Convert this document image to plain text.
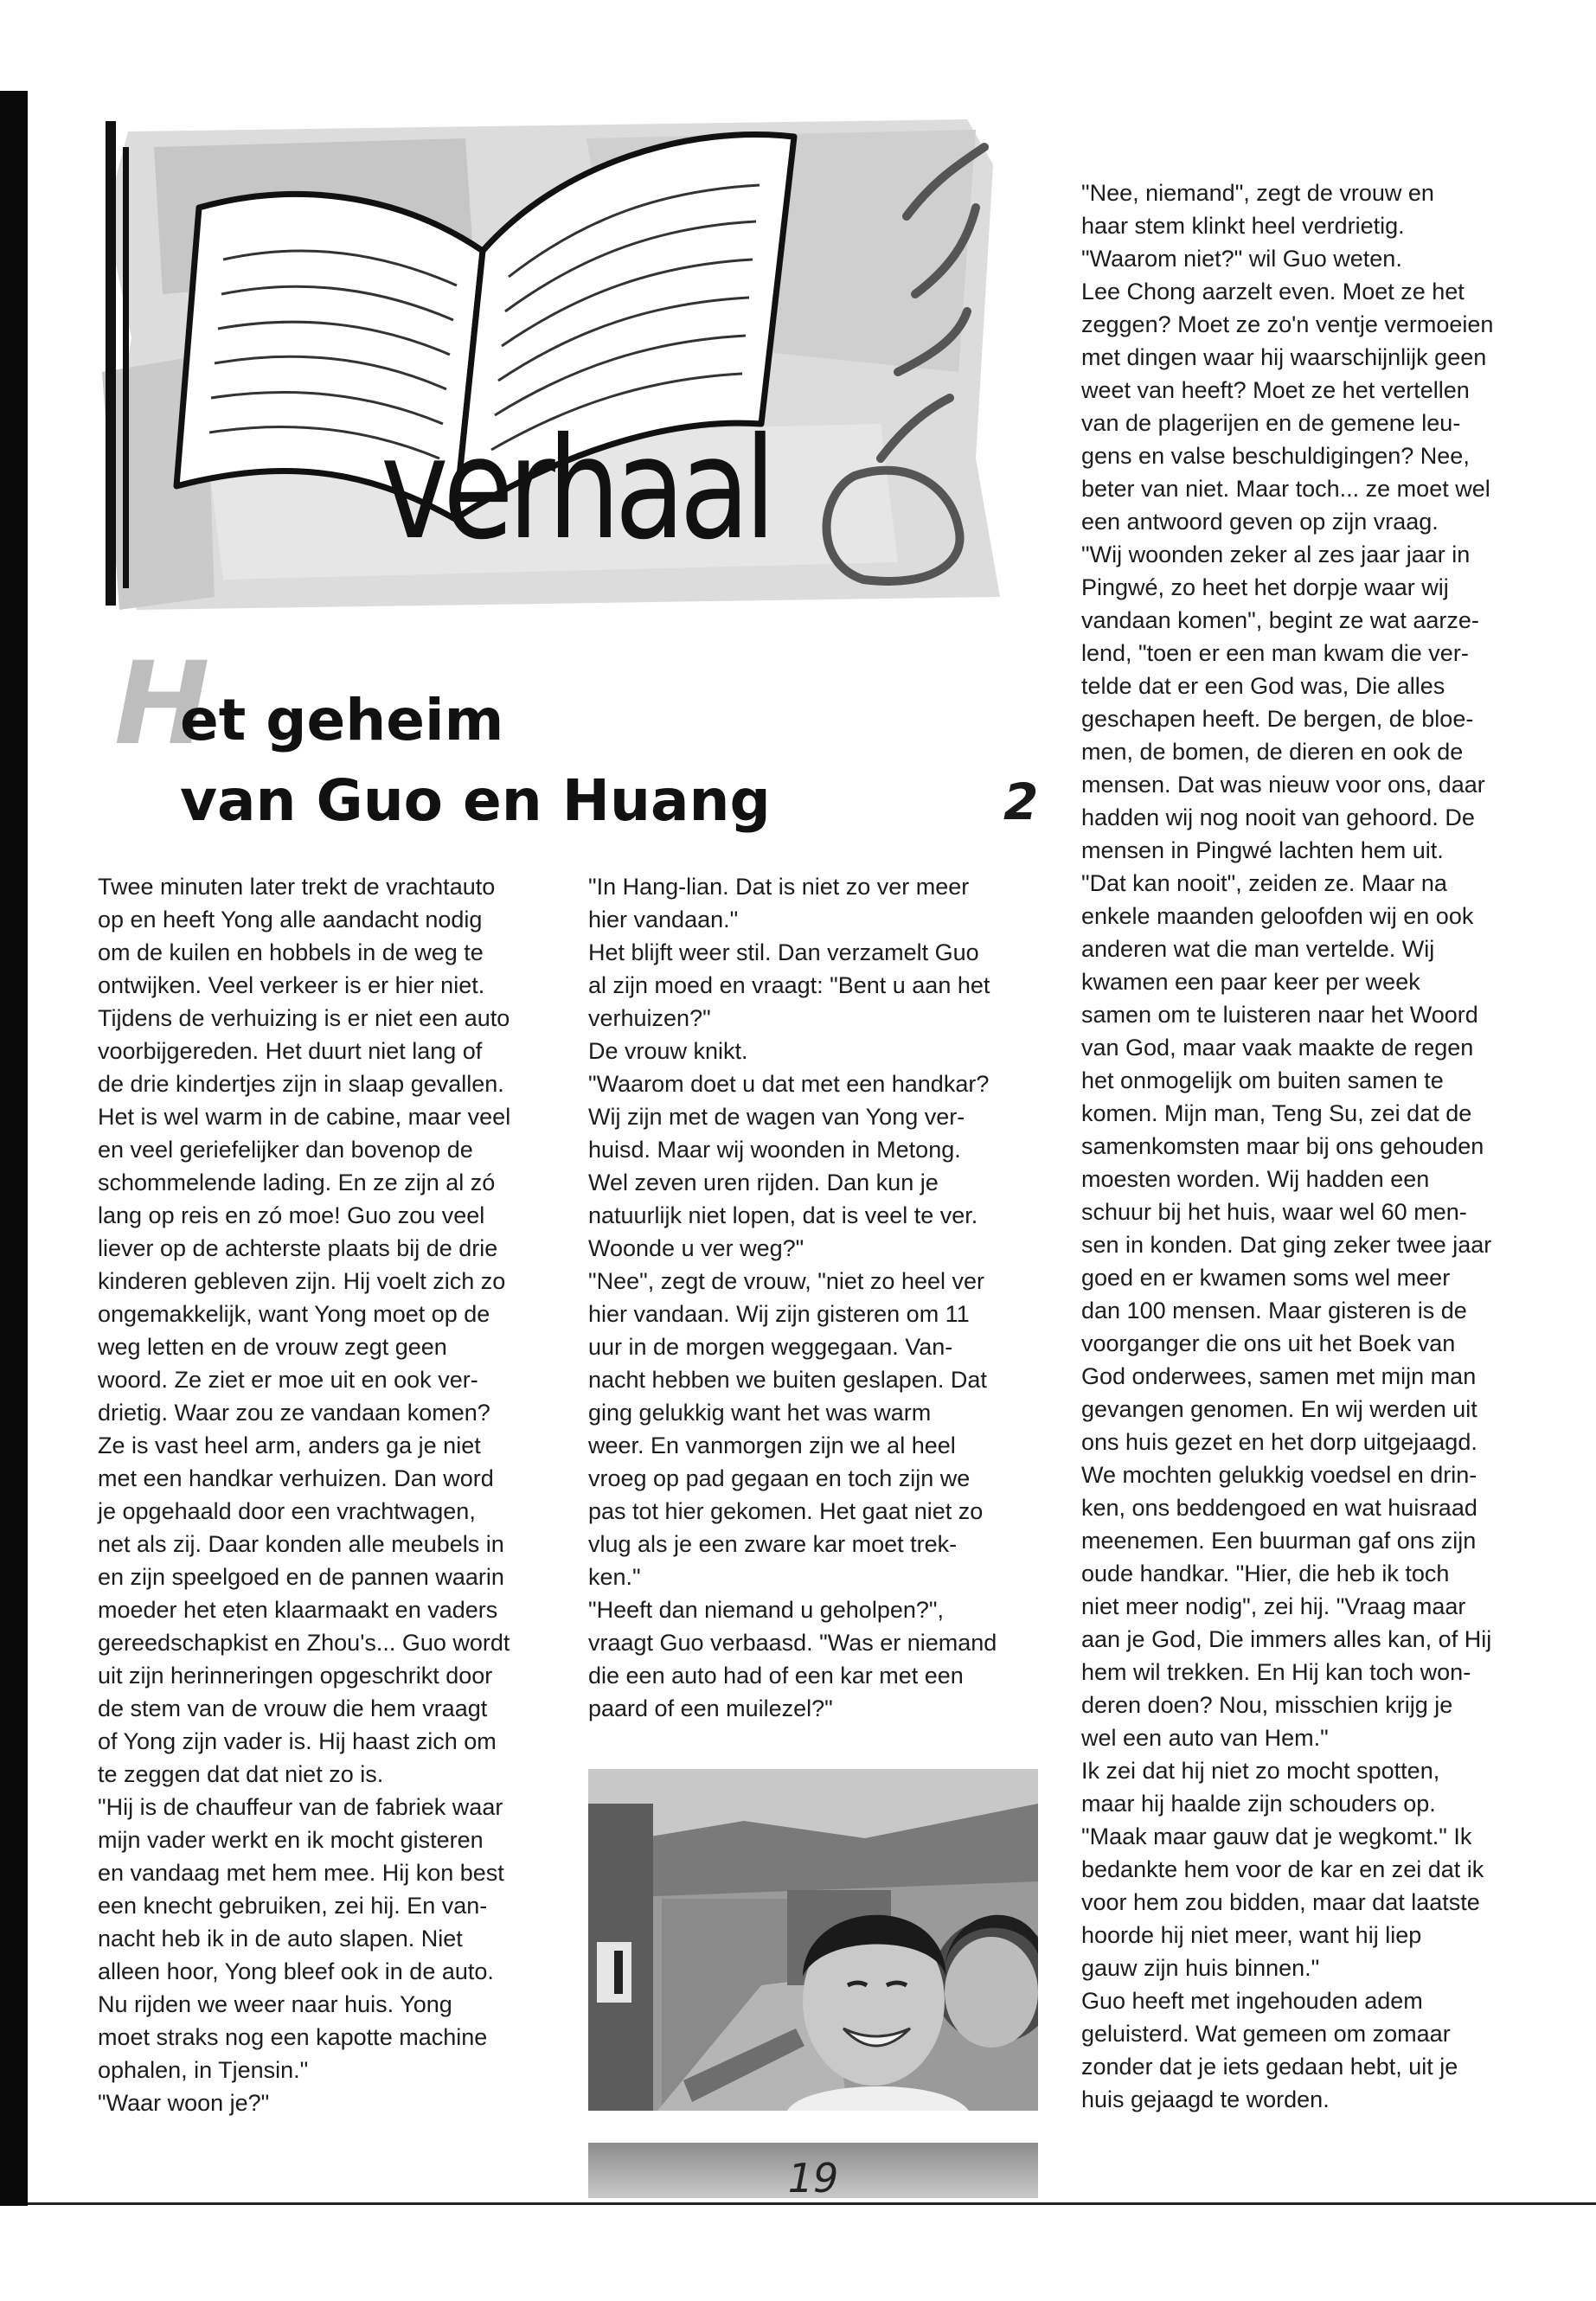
verhaal
H
et geheim
van Guo en Huang	2

Twee minuten later trekt de vrachtauto

op en heeft Yong alle aandacht nodig

om de kuilen en hobbels in de weg te

ontwijken. Veel verkeer is er hier niet.

Tijdens de verhuizing is er niet een auto

voorbijgereden. Het duurt niet lang of

de drie kindertjes zijn in slaap gevallen.

Het is wel warm in de cabine, maar veel

en veel geriefelijker dan bovenop de

schommelende lading. En ze zijn al zó

lang op reis en zó moe! Guo zou veel

liever op de achterste plaats bij de drie

kinderen gebleven zijn. Hij voelt zich zo

ongemakkelijk, want Yong moet op de

weg letten en de vrouw zegt geen

woord. Ze ziet er moe uit en ook ver-

drietig. Waar zou ze vandaan komen?

Ze is vast heel arm, anders ga je niet

met een handkar verhuizen. Dan word

je opgehaald door een vrachtwagen,

net als zij. Daar konden alle meubels in

en zijn speelgoed en de pannen waarin

moeder het eten klaarmaakt en vaders

gereedschapkist en Zhou's... Guo wordt

uit zijn herinneringen opgeschrikt door

de stem van de vrouw die hem vraagt

of Yong zijn vader is. Hij haast zich om

te zeggen dat dat niet zo is.

"Hij is de chauffeur van de fabriek waar

mijn vader werkt en ik mocht gisteren

en vandaag met hem mee. Hij kon best

een knecht gebruiken, zei hij. En van-

nacht heb ik in de auto slapen. Niet

alleen hoor, Yong bleef ook in de auto.

Nu rijden we weer naar huis. Yong

moet straks nog een kapotte machine

ophalen, in Tjensin."

"Waar woon je?"

"In Hang-lian. Dat is niet zo ver meer

hier vandaan."

Het blijft weer stil. Dan verzamelt Guo

al zijn moed en vraagt: "Bent u aan het

verhuizen?"

De vrouw knikt.

"Waarom doet u dat met een handkar?

Wij zijn met de wagen van Yong ver-

huisd. Maar wij woonden in Metong.

Wel zeven uren rijden. Dan kun je

natuurlijk niet lopen, dat is veel te ver.

Woonde u ver weg?"

"Nee", zegt de vrouw, "niet zo heel ver

hier vandaan. Wij zijn gisteren om 11

uur in de morgen weggegaan. Van-

nacht hebben we buiten geslapen. Dat

ging gelukkig want het was warm

weer. En vanmorgen zijn we al heel

vroeg op pad gegaan en toch zijn we

pas tot hier gekomen. Het gaat niet zo

vlug als je een zware kar moet trek-

ken."

"Heeft dan niemand u geholpen?",

vraagt Guo verbaasd. "Was er niemand

die een auto had of een kar met een

paard of een muilezel?"

"Nee, niemand", zegt de vrouw en

haar stem klinkt heel verdrietig.

"Waarom niet?" wil Guo weten.

Lee Chong aarzelt even. Moet ze het

zeggen? Moet ze zo'n ventje vermoeien

met dingen waar hij waarschijnlijk geen

weet van heeft? Moet ze het vertellen

van de plagerijen en de gemene leu-

gens en valse beschuldigingen? Nee,

beter van niet. Maar toch... ze moet wel

een antwoord geven op zijn vraag.

"Wij woonden zeker al zes jaar jaar in

Pingwé, zo heet het dorpje waar wij

vandaan komen", begint ze wat aarze-

lend, "toen er een man kwam die ver-

telde dat er een God was, Die alles

geschapen heeft. De bergen, de bloe-

men, de bomen, de dieren en ook de

mensen. Dat was nieuw voor ons, daar

hadden wij nog nooit van gehoord. De

mensen in Pingwé lachten hem uit.

"Dat kan nooit", zeiden ze. Maar na

enkele maanden geloofden wij en ook

anderen wat die man vertelde. Wij

kwamen een paar keer per week

samen om te luisteren naar het Woord

van God, maar vaak maakte de regen

het onmogelijk om buiten samen te

komen. Mijn man, Teng Su, zei dat de

samenkomsten maar bij ons gehouden

moesten worden. Wij hadden een

schuur bij het huis, waar wel 60 men-

sen in konden. Dat ging zeker twee jaar

goed en er kwamen soms wel meer

dan 100 mensen. Maar gisteren is de

voorganger die ons uit het Boek van

God onderwees, samen met mijn man

gevangen genomen. En wij werden uit

ons huis gezet en het dorp uitgejaagd.

We mochten gelukkig voedsel en drin-

ken, ons beddengoed en wat huisraad

meenemen. Een buurman gaf ons zijn

oude handkar. "Hier, die heb ik toch

niet meer nodig", zei hij. "Vraag maar

aan je God, Die immers alles kan, of Hij

hem wil trekken. En Hij kan toch won-

deren doen? Nou, misschien krijg je

wel een auto van Hem."

Ik zei dat hij niet zo mocht spotten,

maar hij haalde zijn schouders op.

"Maak maar gauw dat je wegkomt." Ik

bedankte hem voor de kar en zei dat ik

voor hem zou bidden, maar dat laatste

hoorde hij niet meer, want hij liep

gauw zijn huis binnen."

Guo heeft met ingehouden adem

geluisterd. Wat gemeen om zomaar

zonder dat je iets gedaan hebt, uit je

huis gejaagd te worden.

19
